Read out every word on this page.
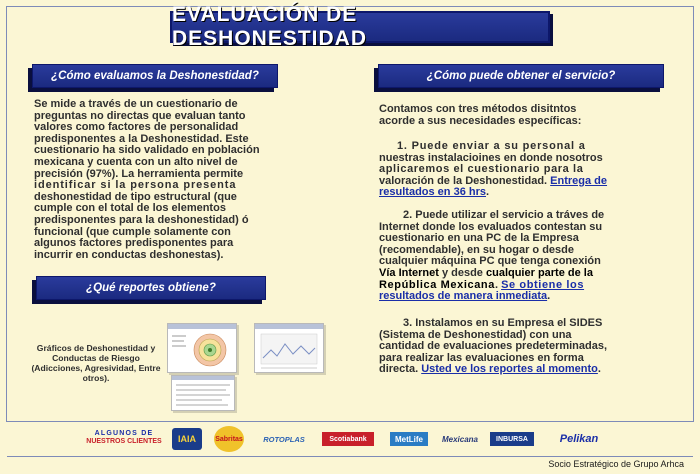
EVALUACIÓN DE DESHONESTIDAD
¿Cómo evaluamos la Deshonestidad?
Se mide a través de un cuestionario de
preguntas no directas que evaluan tanto
valores como factores de personalidad
predisponentes a la Deshonestidad. Este
cuestionario ha sido validado en población
mexicana y cuenta con un alto nivel de
precisión (97%). La herramienta permite
identificar si la persona presenta
deshonestidad de tipo estructural (que
cumple con el total de los elementos
predisponentes para la deshonestidad) ó
funcional (que cumple solamente con
algunos factores predisponentes para
incurrir en conductas deshonestas).
¿Qué reportes obtiene?
Gráficos de Deshonestidad y
Conductas de Riesgo
(Adicciones, Agresividad, Entre
otros).
¿Cómo puede obtener el servicio?
Contamos con tres métodos disitntos
acorde a sus necesidades específicas:
1. Puede enviar a su personal a
nuestras instalacioines en donde nosotros
aplicaremos el cuestionario para la
valoración de la Deshonestidad. Entrega de
resultados en 36 hrs.
2. Puede utilizar el servicio a tráves de
Internet donde los evaluados contestan su
cuestionario en una PC de la Empresa
(recomendable), en su hogar o desde
cualquier máquina PC que tenga conexión
Vía Internet y desde cualquier parte de la
República Mexicana. Se obtiene los
resultados de manera inmediata.
3. Instalamos en su Empresa el SIDES
(Sistema de Deshonestidad) con una
cantidad de evaluaciones predeterminadas,
para realizar las evaluaciones en forma
directa. Usted ve los reportes al momento.
ALGUNOS DE
NUESTROS CLIENTES IAIA	Sabritas	ROTOPLAS	Scotiabank	MetLife Mexicana	INBURSA	Pelikan
Socio Estratégico de Grupo Arhca
